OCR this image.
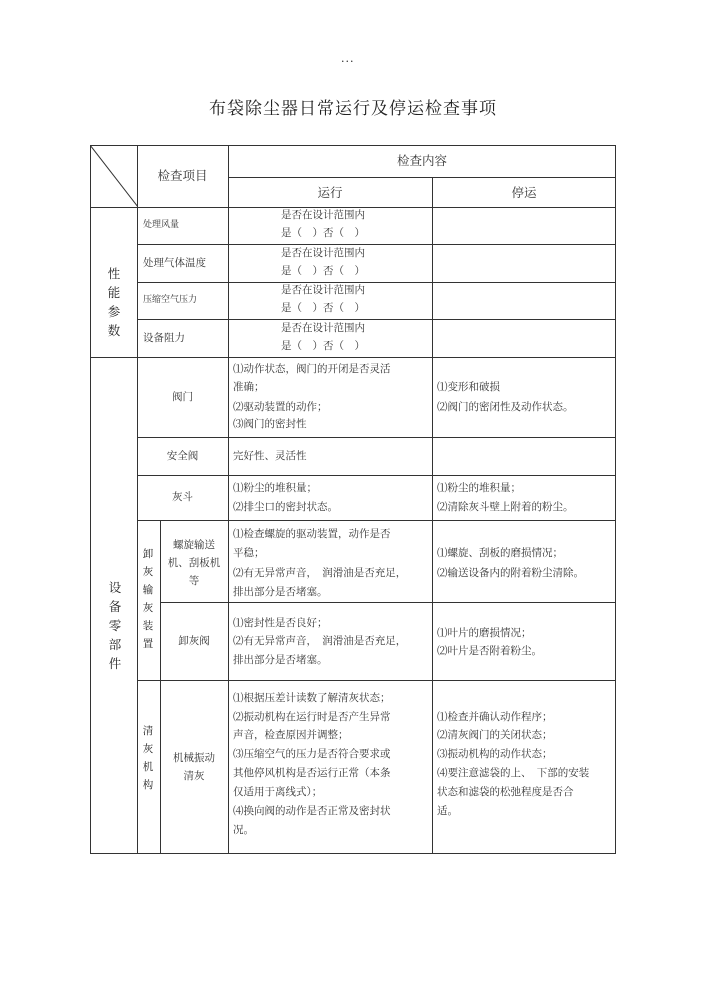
...
布袋除尘器日常运行及停运检查事项
检查项目
检查内容
运行	停运
性能参数
处理风量
是否在设计范围内
是（　）否（　）
处理气体温度
是否在设计范围内
是（　）否（　）
压缩空气压力
是否在设计范围内
是（　）否（　）
设备阻力
是否在设计范围内
是（　）否（　）
设备零部件
阀门
⑴动作状态，阀门的开闭是否灵活
准确；
⑵驱动装置的动作；
⑶阀门的密封性
⑴变形和破损
⑵阀门的密闭性及动作状态。
安全阀	完好性、灵活性
灰斗
⑴粉尘的堆积量；
⑵排尘口的密封状态。
⑴粉尘的堆积量；
⑵清除灰斗壁上附着的粉尘。
卸灰输灰装置
螺旋输送机、刮板机等
⑴检查螺旋的驱动装置，动作是否
平稳；
⑵有无异常声音，　润滑油是否充足，
排出部分是否堵塞。
⑴螺旋、刮板的磨损情况；
⑵输送设备内的附着粉尘清除。
卸灰阀
⑴密封性是否良好；
⑵有无异常声音，　润滑油是否充足，
排出部分是否堵塞。
⑴叶片的磨损情况；
⑵叶片是否附着粉尘。
清灰机构
机械振动清灰
⑴根据压差计读数了解清灰状态；
⑵振动机构在运行时是否产生异常
声音，检查原因并调整；
⑶压缩空气的压力是否符合要求或
其他停风机构是否运行正常（本条
仅适用于离线式）；
⑷换向阀的动作是否正常及密封状
况。
⑴检查并确认动作程序；
⑵清灰阀门的关闭状态；
⑶振动机构的动作状态；
⑷要注意滤袋的上、　下部的安装
状态和滤袋的松弛程度是否合
适。
